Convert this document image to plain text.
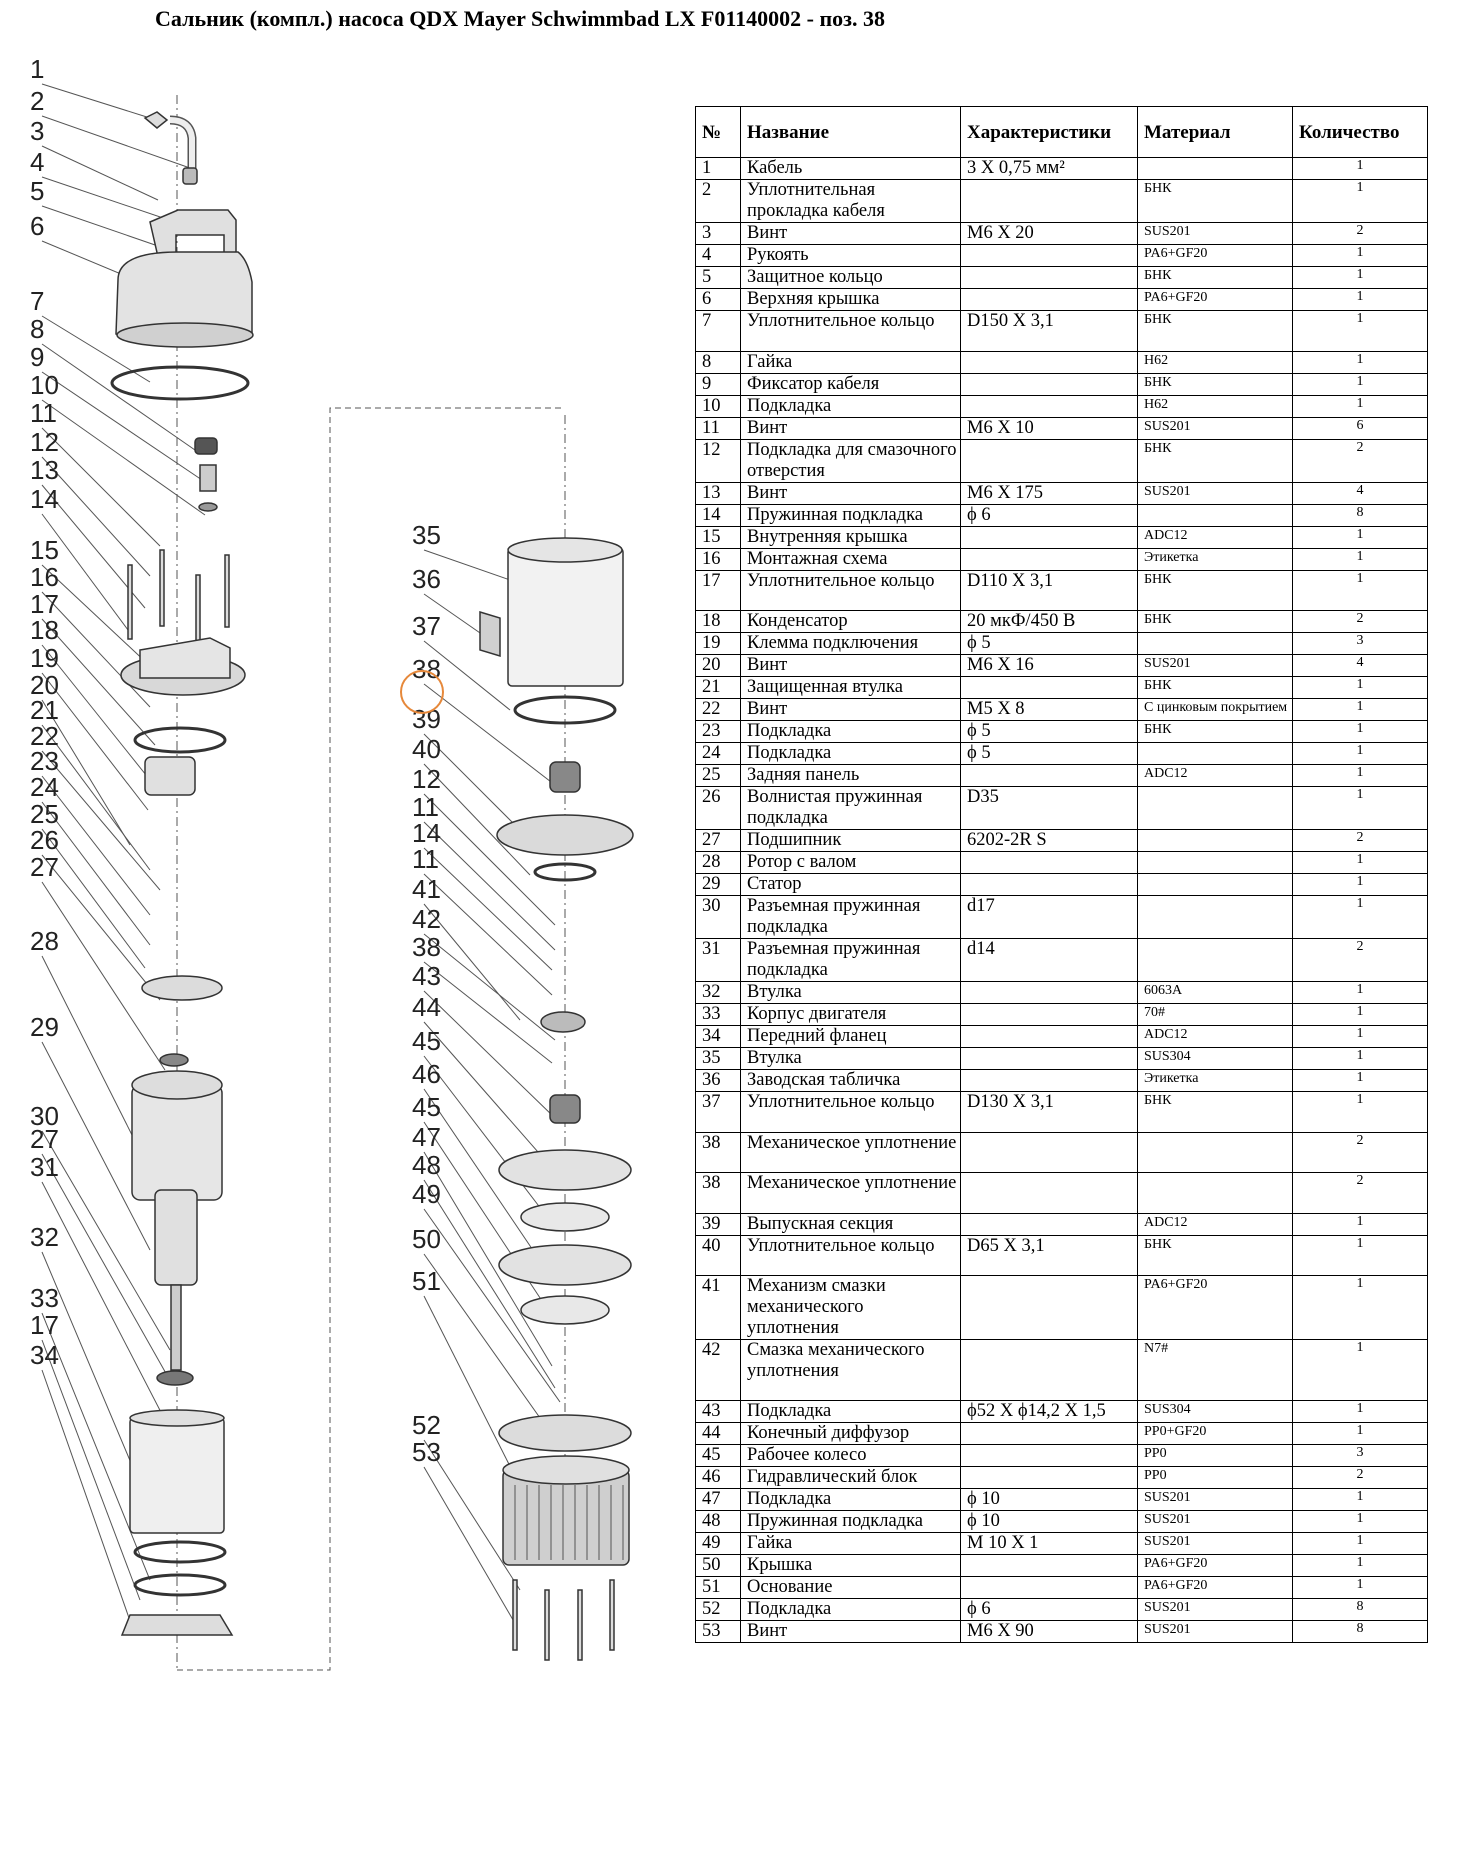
Сальник (компл.) насоса QDX Mayer Schwimmbad LX F01140002 - поз. 38
1
2
3
4
5
6
7
8
9
10
11
12
13
14
15
16
17
18
19
20
21
22
23
24
25
26
27
28
29
30
27
31
32
33
17
34
35
36
37
38
39
40
12
11
14
11
41
42
38
43
44
45
46
45
47
48
49
50
51
52
53
№	Название	Характеристики	Материал	Количество
1	Кабель	3 X 0,75 мм²		1
2	Уплотнительная прокладка кабеля		БНК	1
3	Винт	M6 X 20	SUS201	2
4	Рукоять		PA6+GF20	1
5	Защитное кольцо		БНК	1
6	Верхняя крышка		PA6+GF20	1
7	Уплотнительное кольцо	D150 X 3,1	БНК	1
8	Гайка		H62	1
9	Фиксатор кабеля		БНК	1
10	Подкладка		H62	1
11	Винт	M6 X 10	SUS201	6
12	Подкладка для смазочного отверстия		БНК	2
13	Винт	M6 X 175	SUS201	4
14	Пружинная подкладка	ϕ 6		8
15	Внутренняя крышка		ADC12	1
16	Монтажная схема		Этикетка	1
17	Уплотнительное кольцо	D110 X 3,1	БНК	1
18	Конденсатор	20 мкФ/450 В	БНК	2
19	Клемма подключения	ϕ 5		3
20	Винт	M6 X 16	SUS201	4
21	Защищенная втулка		БНК	1
22	Винт	M5 X 8	С цинковым покрытием	1
23	Подкладка	ϕ 5	БНК	1
24	Подкладка	ϕ 5		1
25	Задняя панель		ADC12	1
26	Волнистая пружинная подкладка	D35		1
27	Подшипник	6202-2R S		2
28	Ротор с валом			1
29	Статор			1
30	Разъемная пружинная подкладка	d17		1
31	Разъемная пружинная подкладка	d14		2
32	Втулка		6063A	1
33	Корпус двигателя		70#	1
34	Передний фланец		ADC12	1
35	Втулка		SUS304	1
36	Заводская табличка		Этикетка	1
37	Уплотнительное кольцо	D130 X 3,1	БНК	1
38	Механическое уплотнение			2
38	Механическое уплотнение			2
39	Выпускная секция		ADC12	1
40	Уплотнительное кольцо	D65 X 3,1	БНК	1
41	Механизм смазки механического уплотнения		PA6+GF20	1
42	Смазка механического уплотнения		N7#	1
43	Подкладка	ϕ52 X ϕ14,2 X 1,5	SUS304	1
44	Конечный диффузор		PP0+GF20	1
45	Рабочее колесо		PP0	3
46	Гидравлический блок		PP0	2
47	Подкладка	ϕ 10	SUS201	1
48	Пружинная подкладка	ϕ 10	SUS201	1
49	Гайка	M 10 X 1	SUS201	1
50	Крышка		PA6+GF20	1
51	Основание		PA6+GF20	1
52	Подкладка	ϕ 6	SUS201	8
53	Винт	M6 X 90	SUS201	8
